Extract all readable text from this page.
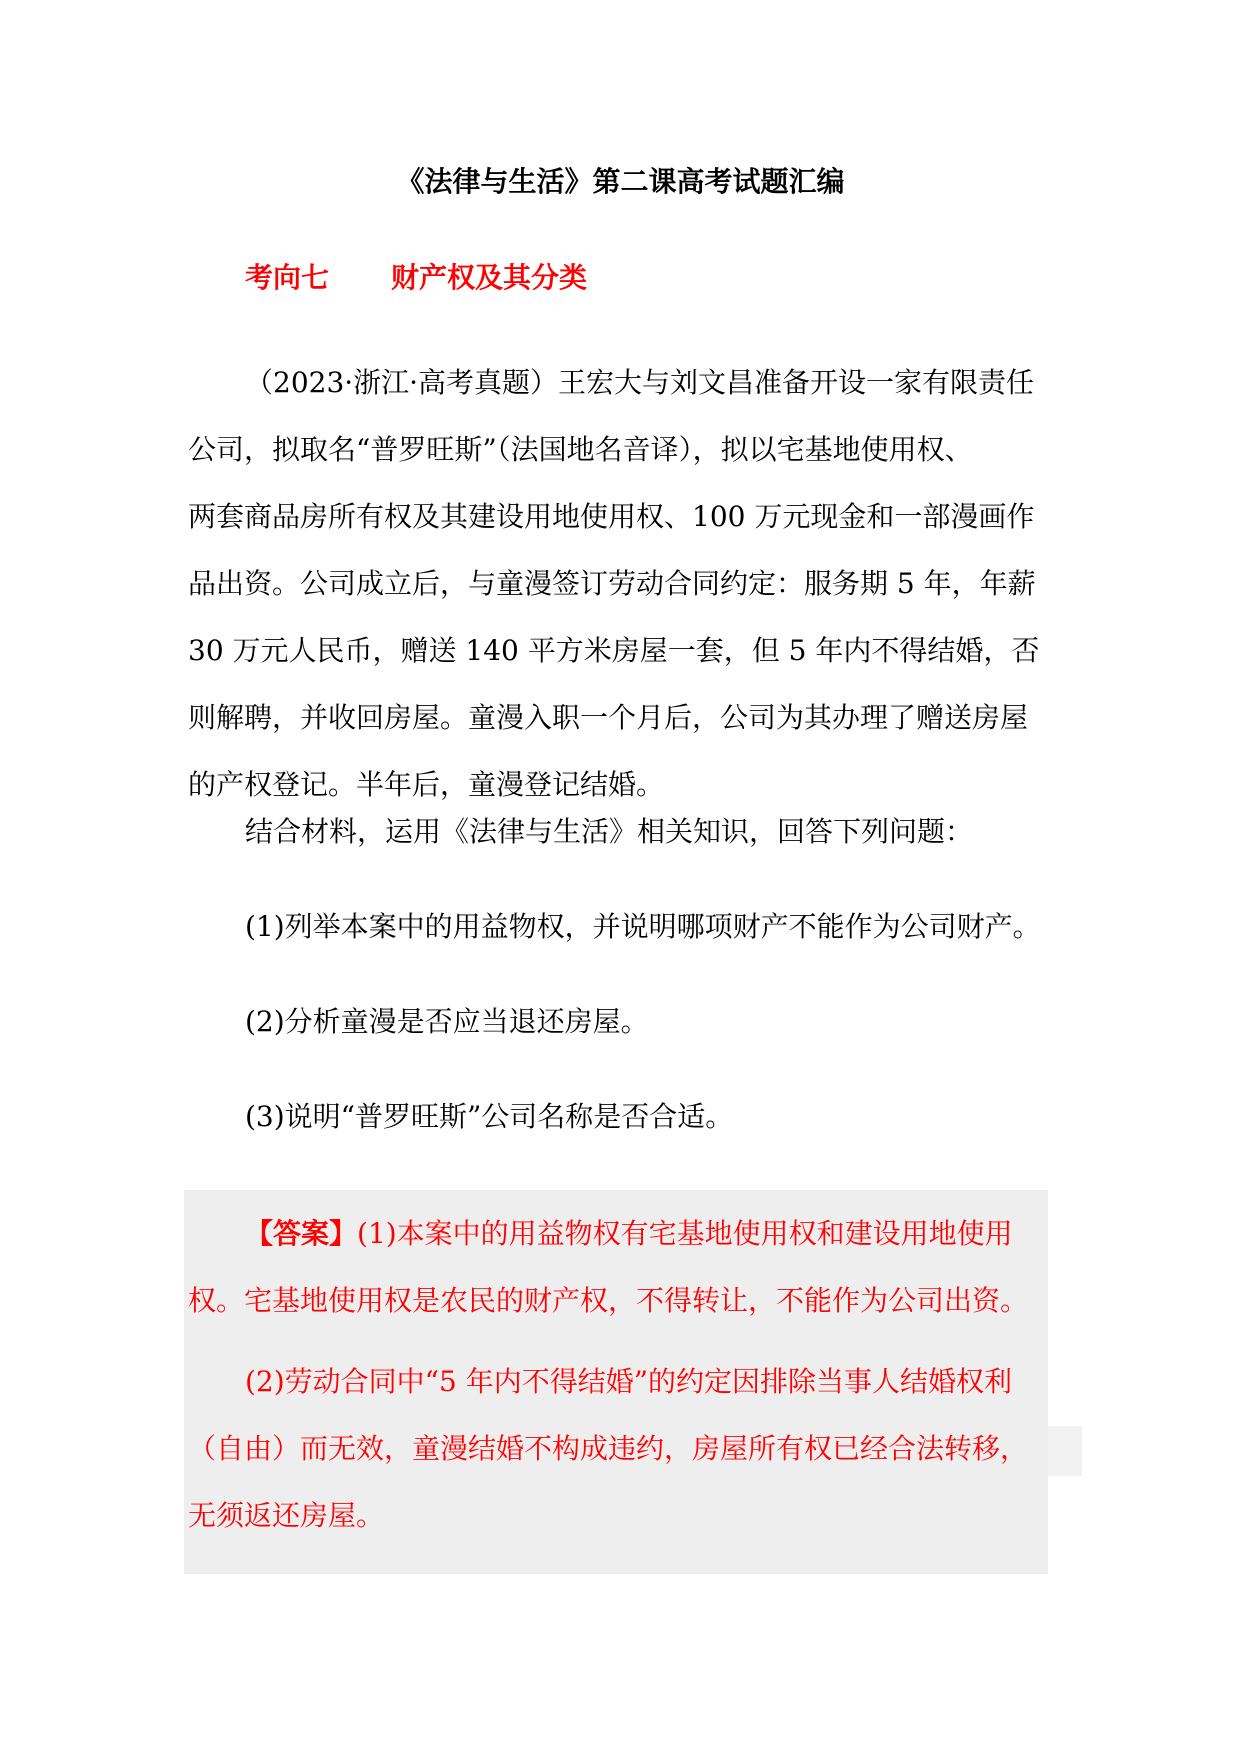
《法律与生活》第二课高考试题汇编
考向七 财产权及其分类
（2023·浙江·高考真题）王宏大与刘文昌准备开设一家有限责任
公司，拟取名“普罗旺斯”（法国地名音译），拟以宅基地使用权、
两套商品房所有权及其建设用地使用权、100 万元现金和一部漫画作
品出资。公司成立后，与童漫签订劳动合同约定：服务期 5 年，年薪
30 万元人民币，赠送 140 平方米房屋一套，但 5 年内不得结婚，否
则解聘，并收回房屋。童漫入职一个月后，公司为其办理了赠送房屋
的产权登记。半年后，童漫登记结婚。
结合材料，运用《法律与生活》相关知识，回答下列问题：
(1)列举本案中的用益物权，并说明哪项财产不能作为公司财产。
(2)分析童漫是否应当退还房屋。
(3)说明“普罗旺斯”公司名称是否合适。
【答案】(1)本案中的用益物权有宅基地使用权和建设用地使用
权。宅基地使用权是农民的财产权，不得转让，不能作为公司出资。
(2)劳动合同中“5 年内不得结婚”的约定因排除当事人结婚权利
（自由）而无效，童漫结婚不构成违约，房屋所有权已经合法转移，
无须返还房屋。
